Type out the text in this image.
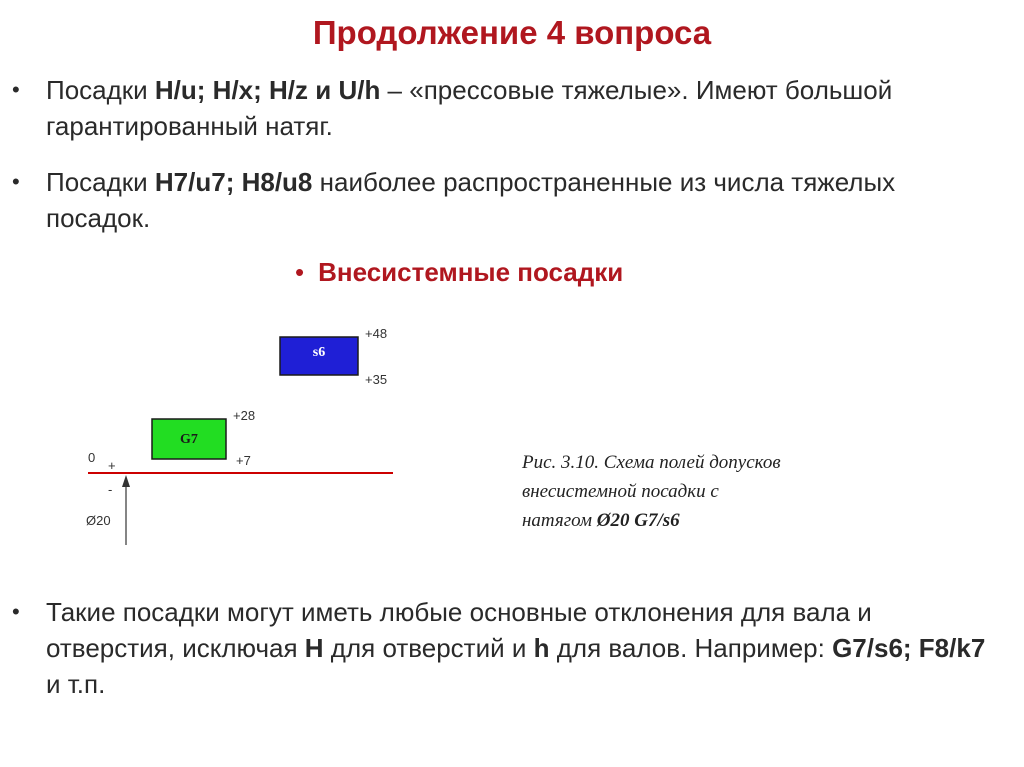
Продолжение 4 вопроса
• Посадки H/u; H/x; H/z и U/h – «прессовые тяжелые». Имеют большой гарантированный натяг.
• Посадки H7/u7; H8/u8 наиболее распространенные из числа тяжелых посадок.
• Внесистемные посадки
0
+
-
Ø20
G7
+28
+7
s6
+48
+35
Рис. 3.10. Схема полей допусков
внесистемной посадки с
натягом Ø20 G7/s6
• Такие посадки могут иметь любые основные отклонения для вала и отверстия, исключая H для отверстий и h для валов. Например: G7/s6; F8/k7 и т.п.
